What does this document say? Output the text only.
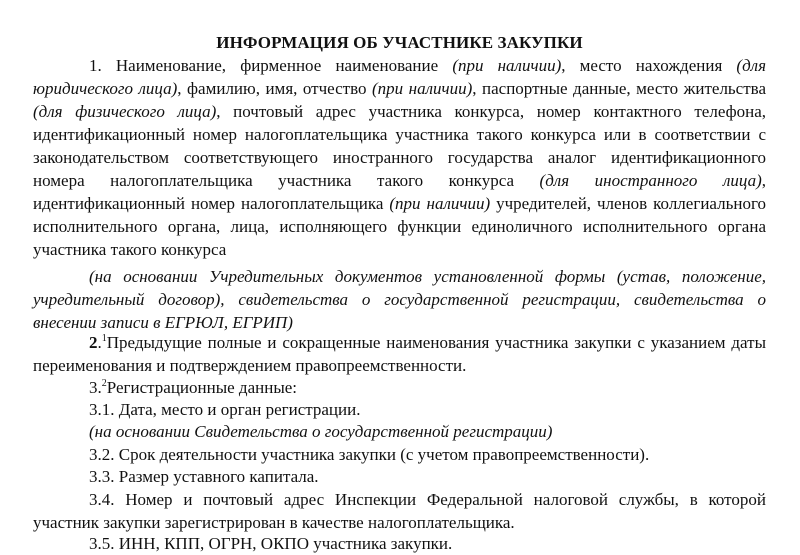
ИНФОРМАЦИЯ ОБ УЧАСТНИКЕ ЗАКУПКИ
1. Наименование, фирменное наименование (при наличии), место нахождения (для юридического лица), фамилию, имя, отчество (при наличии), паспортные данные, место жительства (для физического лица), почтовый адрес участника конкурса, номер контактного телефона, идентификационный номер налогоплательщика участника такого конкурса или в соответствии с законодательством соответствующего иностранного государства аналог идентификационного номера налогоплательщика участника такого конкурса (для иностранного лица), идентификационный номер налогоплательщика (при наличии) учредителей, членов коллегиального исполнительного органа, лица, исполняющего функции единоличного исполнительного органа участника такого конкурса
(на основании Учредительных документов установленной формы (устав, положение, учредительный договор), свидетельства о государственной регистрации, свидетельства о внесении записи в ЕГРЮЛ, ЕГРИП)
2.$^1$Предыдущие полные и сокращенные наименования участника закупки с указанием даты переименования и подтверждением правопреемственности.
3.$^2$Регистрационные данные:
3.1. Дата, место и орган регистрации.
(на основании Свидетельства о государственной регистрации)
3.2. Срок деятельности участника закупки (с учетом правопреемственности).
3.3. Размер уставного капитала.
3.4. Номер и почтовый адрес Инспекции Федеральной налоговой службы, в которой участник закупки зарегистрирован в качестве налогоплательщика.
3.5. ИНН, КПП, ОГРН, ОКПО участника закупки.
